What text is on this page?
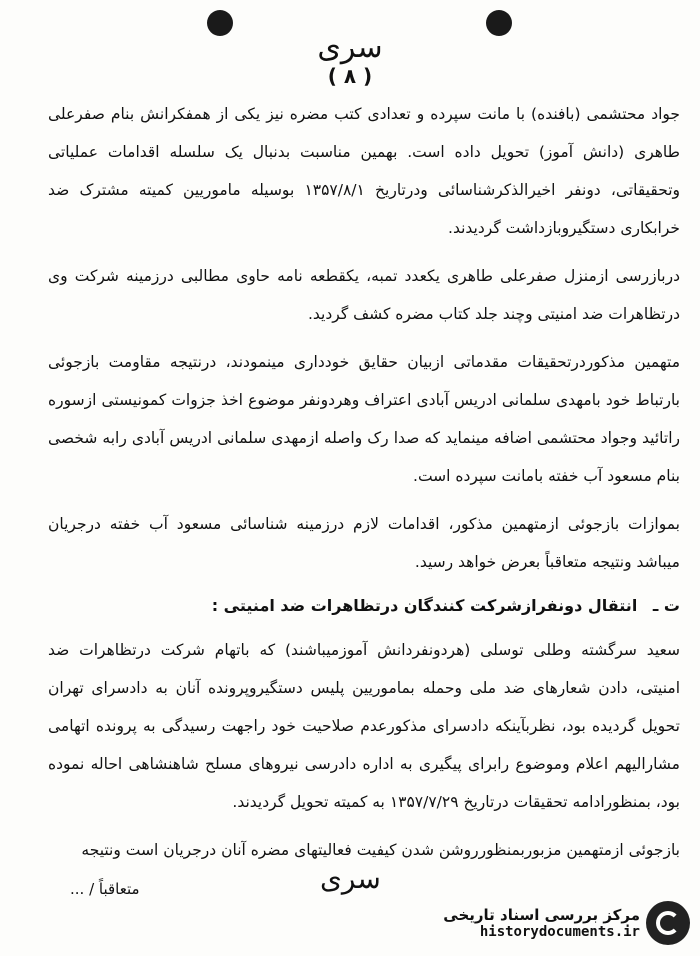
سری
( ۸ )

جواد محتشمی (بافنده) با مانت سپرده و تعدادی کتب مضره نیز یکی از همفکرانش بنام صفرعلی طاهری (دانش آموز) تحویل داده است. بهمین مناسبت بدنبال یک سلسله اقدامات عملیاتی وتحقیقاتی، دونفر اخیرالذکرشناسائی ودرتاریخ ۱۳۵۷/۸/۱ بوسیله ماموریین کمیته مشترک ضد خرابکاری دستگیروبازداشت گردیدند.

دربازرسی ازمنزل صفرعلی طاهری یکعدد تمبه، یکقطعه نامه حاوی مطالبی درزمینه شرکت وی درتظاهرات ضد امنیتی وچند جلد کتاب مضره کشف گردید.

متهمین مذکوردرتحقیقات مقدماتی ازبیان حقایق خودداری مینمودند، درنتیجه مقاومت بازجوئی بارتباط خود بامهدی سلمانی ادریس آبادی اعتراف وهردونفر موضوع اخذ جزوات کمونیستی ازسوره راتائید وجواد محتشمی اضافه مینماید که صدا رک واصله ازمهدی سلمانی ادریس آبادی رابه شخصی بنام مسعود آب خفته بامانت سپرده است.

بموازات بازجوئی ازمتهمین مذکور، اقدامات لازم درزمینه شناسائی مسعود آب خفته درجریان میباشد ونتیجه متعاقباً بعرض خواهد رسید.

ت ـ انتقال دونفرازشرکت کنندگان درتظاهرات ضد امنیتی :

سعید سرگشته وطلی توسلی (هردونفردانش آموزمیباشند) که باتهام شرکت درتظاهرات ضد امنیتی، دادن شعارهای ضد ملی وحمله بماموریین پلیس دستگیروپرونده آنان به دادسرای تهران تحویل گردیده بود، نظربآینکه دادسرای مذکورعدم صلاحیت خود راجهت رسیدگی به پرونده اتهامی مشارالیهم اعلام وموضوع رابرای پیگیری به اداره دادرسی نیروهای مسلح شاهنشاهی احاله نموده بود، بمنظورادامه تحقیقات درتاریخ ۱۳۵۷/۷/۲۹ به کمیته تحویل گردیدند.

بازجوئی ازمتهمین مزبوربمنظورروشن شدن کیفیت فعالیتهای مضره آنان درجریان است ونتیجه

متعاقباً / ...	سری
مرکز بررسی اسناد تاریخی
historydocuments.ir
